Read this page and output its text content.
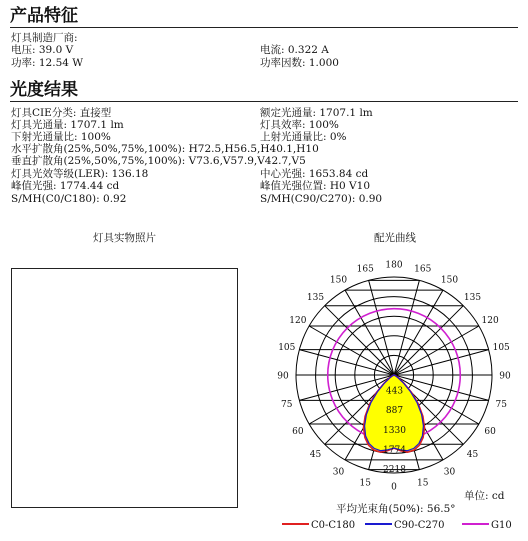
产品特征
灯具制造厂商:
电压: 39.0 V	电流: 0.322 A
功率: 12.54 W	功率因数: 1.000
光度结果
灯具CIE分类: 直接型	额定光通量: 1707.1 lm
灯具光通量: 1707.1 lm	灯具效率: 100%
下射光通量比: 100%	上射光通量比: 0%
水平扩散角(25%,50%,75%,100%): H72.5,H56.5,H40.1,H10
垂直扩散角(25%,50%,75%,100%): V73.6,V57.9,V42.7,V5
灯具光效等级(LER): 136.18	中心光强: 1653.84 cd
峰值光强: 1774.44 cd	峰值光强位置: H0 V10
S/MH(C0/C180): 0.92	S/MH(C90/C270): 0.90
灯具实物照片	配光曲线
180
165	165
150	150
135	135
120	120
105	105
90	90
75	75
60	60
45	45
30	30
15	15
0
443
887
1330
1774
2218
C0-C180	C90-C270	G10
单位: cd
平均光束角(50%): 56.5°
